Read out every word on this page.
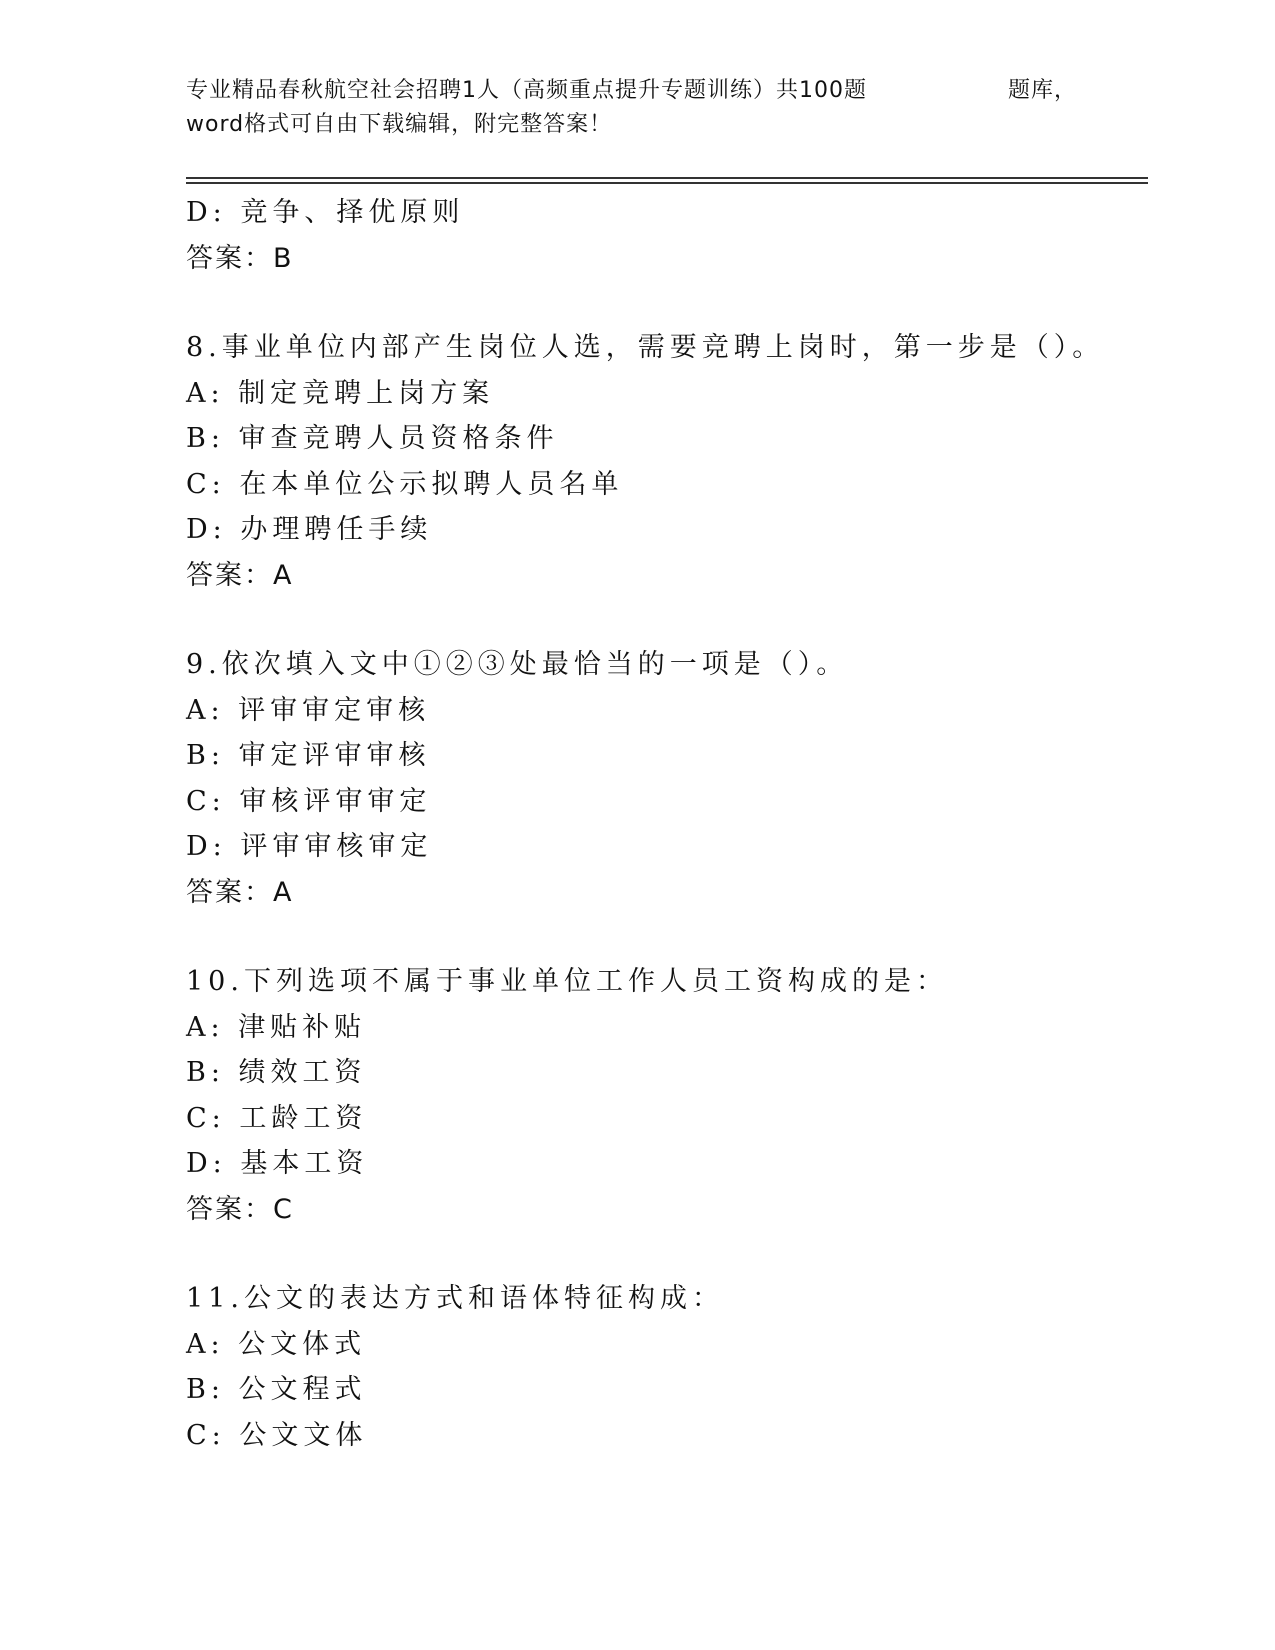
专业精品春秋航空社会招聘1人（高频重点提升专题训练）共100题	题库，
word格式可自由下载编辑，附完整答案！
D: 竞争、择优原则
答案：B
8.事业单位内部产生岗位人选，需要竞聘上岗时，第一步是（）。
A: 制定竞聘上岗方案
B: 审查竞聘人员资格条件
C: 在本单位公示拟聘人员名单
D: 办理聘任手续
答案：A
9.依次填入文中①②③处最恰当的一项是（）。
A: 评审审定审核
B: 审定评审审核
C: 审核评审审定
D: 评审审核审定
答案：A
10.下列选项不属于事业单位工作人员工资构成的是：
A: 津贴补贴
B: 绩效工资
C: 工龄工资
D: 基本工资
答案：C
11.公文的表达方式和语体特征构成：
A: 公文体式
B: 公文程式
C: 公文文体
